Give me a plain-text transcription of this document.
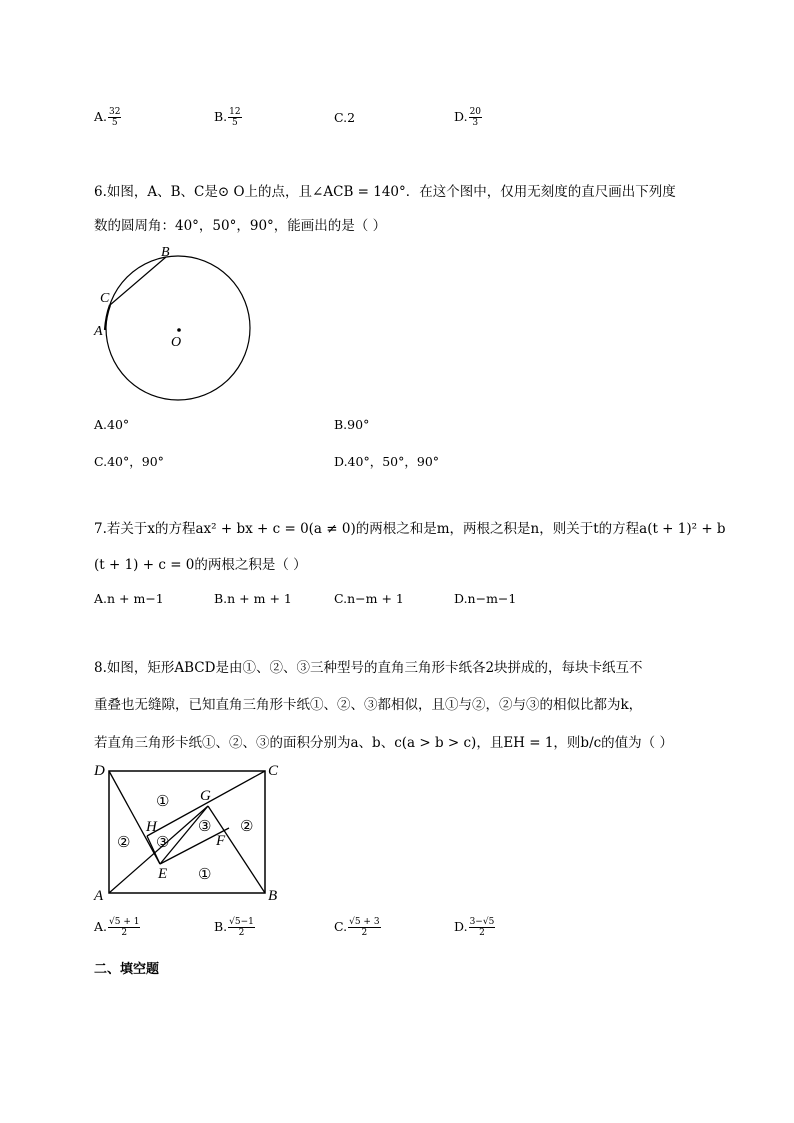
A. $\frac{32}{5}$	B. $\frac{12}{5}$	C.2	D. $\frac{20}{3}$
6.如图，A、B、C是⊙ O上的点，且∠ACB = 140°．在这个图中，仅用无刻度的直尺画出下列度
数的圆周角：40°，50°，90°，能画出的是（ ）
B
C
A
O
A.40°	B.90°
C.40°，90°	D.40°，50°，90°
7.若关于x的方程ax² + bx + c = 0(a ≠ 0)的两根之和是m，两根之积是n，则关于t的方程a(t + 1)² + b
(t + 1) + c = 0的两根之积是（ ）
A.n + m−1	B.n + m + 1	C.n−m + 1	D.n−m−1
8.如图，矩形ABCD是由①、②、③三种型号的直角三角形卡纸各2块拼成的，每块卡纸互不
重叠也无缝隙，已知直角三角形卡纸①、②、③都相似，且①与②，②与③的相似比都为k，
若直角三角形卡纸①、②、③的面积分别为a、b、c(a > b > c)，且EH = 1，则b/c的值为（ ）
D	C
A	B
G
H
F
E
①
② ③
③ ②
①
A. $\frac{√5 + 1}{2}$	B. $\frac{√5-1}{2}$	C. $\frac{√5 + 3}{2}$	D. $\frac{3-√5}{2}$
二、填空题
